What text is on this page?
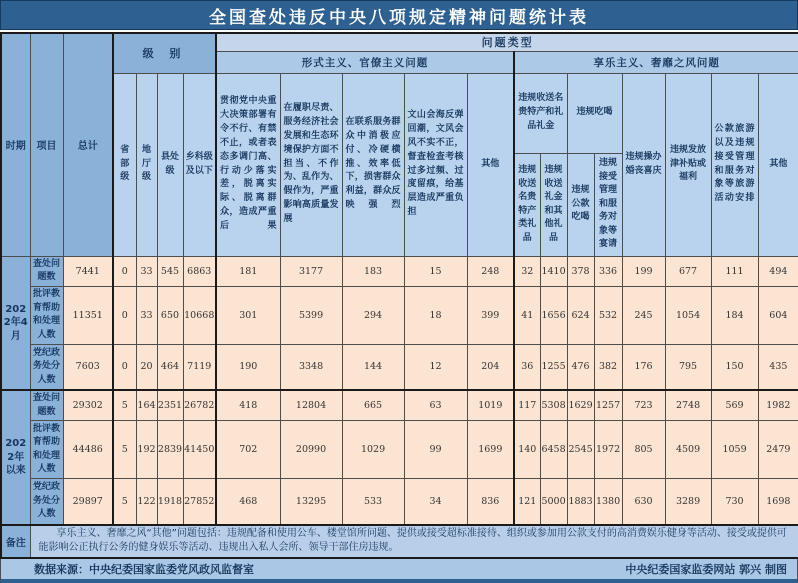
全国查处违反中央八项规定精神问题统计表
时期	项目	总计	级 别				问题类型												
							形式主义、官僚主义问题					享乐主义、奢靡之风问题							
			省部级	地厅级	县处级	乡科级及以下	贯彻党中央重大决策部署有令不行、有禁不止，或者表态多调门高、行动少落实差，脱离实际、脱离群众，造成严重后果	在履职尽责、服务经济社会发展和生态环境保护方面不担当、不作为、乱作为、假作为，严重影响高质量发展	在联系服务群众中消极应付、冷硬横推、效率低下，损害群众利益，群众反映强烈	文山会海反弹回潮，文风会风不实不正，督查检查考核过多过频、过度留痕，给基层造成严重负担	其他	违规收送名贵特产和礼品礼金		违规吃喝		违规操办婚丧喜庆	违规发放津补贴或福利	公款旅游以及违规接受管理和服务对象等旅游活动安排	其他
												违规收送名贵特产类礼品	违规收送礼金和其他礼品	违规公款吃喝	违规接受管理和服务对象等宴请				
2022年4月	查处问题数	7441	0	33	545	6863	181	3177	183	15	248	32	1410	378	336	199	677	111	494
	批评教育帮助和处理人数	11351	0	33	650	10668	301	5399	294	18	399	41	1656	624	532	245	1054	184	604
	党纪政务处分人数	7603	0	20	464	7119	190	3348	144	12	204	36	1255	476	382	176	795	150	435
2022年以来	查处问题数	29302	5	164	2351	26782	418	12804	665	63	1019	117	5308	1629	1257	723	2748	569	1982
	批评教育帮助和处理人数	44486	5	192	2839	41450	702	20990	1029	99	1699	140	6458	2545	1972	805	4509	1059	2479
	党纪政务处分人数	29897	5	122	1918	27852	468	13295	533	34	836	121	5000	1883	1380	630	3289	730	1698
备注	享乐主义、奢靡之风“其他”问题包括：违规配备和使用公车、楼堂馆所问题、提供或接受超标准接待、组织或参加用公款支付的高消费娱乐健身等活动、接受或提供可能影响公正执行公务的健身娱乐等活动、违规出入私人会所、领导干部住房违规。																		
数据来源：中央纪委国家监委党风政风监督室	中央纪委国家监委网站 郭兴 制图
